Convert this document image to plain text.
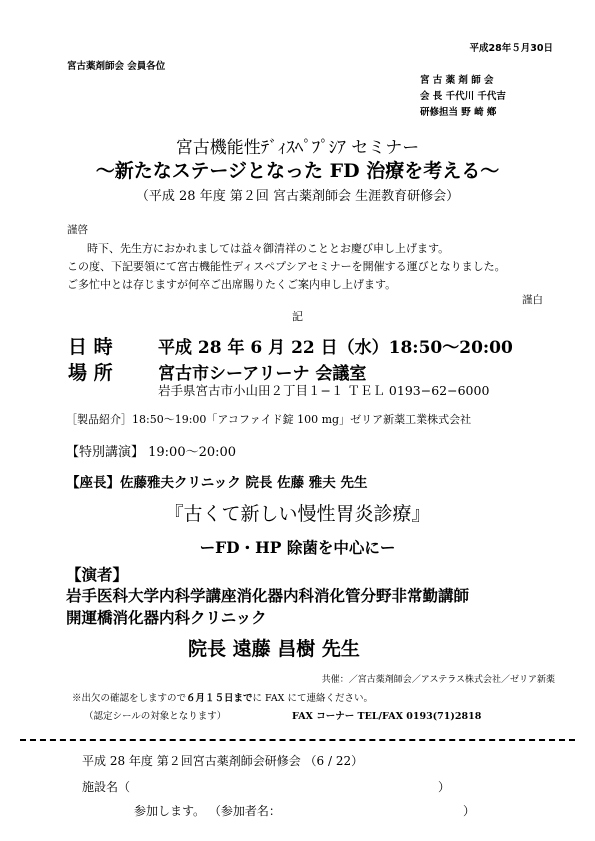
平成28年５月30日
宮古薬剤師会 会員各位
宮 古 薬 剤 師 会
会 長 千代川 千代吉
研修担当 野 崎 鄕
宮古機能性ﾃﾞｨｽﾍﾟﾌﾟｼｱ セミナー
～新たなステージとなった FD 治療を考える～
（平成 28 年度 第２回 宮古薬剤師会 生涯教育研修会）
謹啓
時下、先生方におかれましては益々御清祥のこととお慶び申し上げます。
この度、下記要領にて宮古機能性ディスペプシアセミナーを開催する運びとなりました。
ご多忙中とは存じますが何卒ご出席賜りたくご案内申し上げます。
謹白
記
日 時	平成 28 年 6 月 22 日（水）18:50～20:00
場 所	宮古市シーアリーナ 会議室
岩手県宮古市小山田２丁目１−１ ＴＥＬ 0193−62−6000
［製品紹介］18:50～19:00「アコファイド錠 100 mg」ゼリア新薬工業株式会社
【特別講演】 19:00～20:00
【座長】佐藤雅夫クリニック 院長 佐藤 雅夫 先生
『古くて新しい慢性胃炎診療』
ーFD・HP 除菌を中心にー
【演者】
岩手医科大学内科学講座消化器内科消化管分野非常勤講師
開運橋消化器内科クリニック
院長 遠藤 昌樹 先生
共催：／宮古薬剤師会／アステラス株式会社／ゼリア新薬
※出欠の確認をしますので６月１５日までに FAX にて連絡ください。
（認定シールの対象となります）	FAX コーナー TEL/FAX 0193(71)2818
平成 28 年度 第２回宮古薬剤師会研修会 （6 / 22）
施設名（	）
参加します。 （参加者名：	）
